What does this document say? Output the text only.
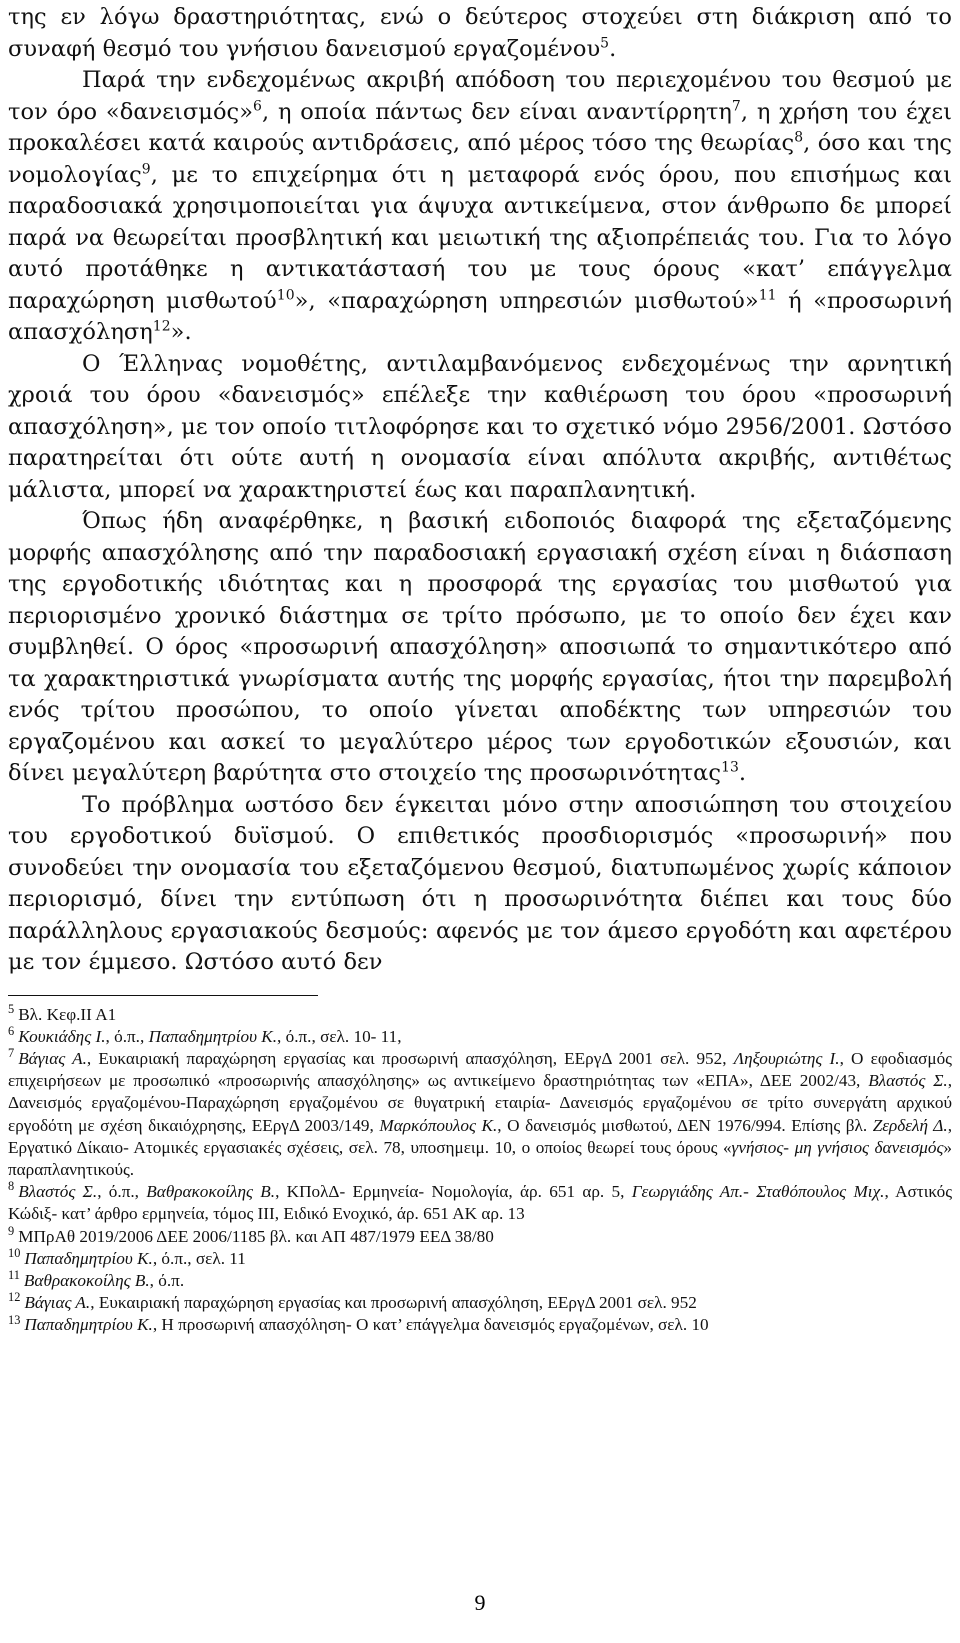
της εν λόγω δραστηριότητας, ενώ ο δεύτερος στοχεύει στη διάκριση από το συναφή θεσμό του γνήσιου δανεισμού εργαζομένου$^5$.

Παρά την ενδεχομένως ακριβή απόδοση του περιεχομένου του θεσμού με τον όρο «δανεισμός»$^6$, η οποία πάντως δεν είναι αναντίρρητη$^7$, η χρήση του έχει προκαλέσει κατά καιρούς αντιδράσεις, από μέρος τόσο της θεωρίας$^8$, όσο και της νομολογίας$^9$, με το επιχείρημα ότι η μεταφορά ενός όρου, που επισήμως και παραδοσιακά χρησιμοποιείται για άψυχα αντικείμενα, στον άνθρωπο δε μπορεί παρά να θεωρείται προσβλητική και μειωτική της αξιοπρέπειάς του. Για το λόγο αυτό προτάθηκε η αντικατάστασή του με τους όρους «κατ’ επάγγελμα παραχώρηση μισθωτού$^{10}$», «παραχώρηση υπηρεσιών μισθωτού»$^{11}$ ή «προσωρινή απασχόληση$^{12}$».

Ο Έλληνας νομοθέτης, αντιλαμβανόμενος ενδεχομένως την αρνητική χροιά του όρου «δανεισμός» επέλεξε την καθιέρωση του όρου «προσωρινή απασχόληση», με τον οποίο τιτλοφόρησε και το σχετικό νόμο 2956/2001. Ωστόσο παρατηρείται ότι ούτε αυτή η ονομασία είναι απόλυτα ακριβής, αντιθέτως μάλιστα, μπορεί να χαρακτηριστεί έως και παραπλανητική.

Όπως ήδη αναφέρθηκε, η βασική ειδοποιός διαφορά της εξεταζόμενης μορφής απασχόλησης από την παραδοσιακή εργασιακή σχέση είναι η διάσπαση της εργοδοτικής ιδιότητας και η προσφορά της εργασίας του μισθωτού για περιορισμένο χρονικό διάστημα σε τρίτο πρόσωπο, με το οποίο δεν έχει καν συμβληθεί. Ο όρος «προσωρινή απασχόληση» αποσιωπά το σημαντικότερο από τα χαρακτηριστικά γνωρίσματα αυτής της μορφής εργασίας, ήτοι την παρεμβολή ενός τρίτου προσώπου, το οποίο γίνεται αποδέκτης των υπηρεσιών του εργαζομένου και ασκεί το μεγαλύτερο μέρος των εργοδοτικών εξουσιών, και δίνει μεγαλύτερη βαρύτητα στο στοιχείο της προσωρινότητας$^{13}$.

Το πρόβλημα ωστόσο δεν έγκειται μόνο στην αποσιώπηση του στοιχείου του εργοδοτικού δυϊσμού. Ο επιθετικός προσδιορισμός «προσωρινή» που συνοδεύει την ονομασία του εξεταζόμενου θεσμού, διατυπωμένος χωρίς κάποιον περιορισμό, δίνει την εντύπωση ότι η προσωρινότητα διέπει και τους δύο παράλληλους εργασιακούς δεσμούς: αφενός με τον άμεσο εργοδότη και αφετέρου με τον έμμεσο. Ωστόσο αυτό δεν

$^5$ Βλ. Κεφ.ΙΙ Α1
$^6$ Κουκιάδης Ι., ό.π., Παπαδημητρίου Κ., ό.π., σελ. 10- 11,
$^7$ Βάγιας Α., Ευκαιριακή παραχώρηση εργασίας και προσωρινή απασχόληση, ΕΕργΔ 2001 σελ. 952, Ληξουριώτης Ι., Ο εφοδιασμός επιχειρήσεων με προσωπικό «προσωρινής απασχόλησης» ως αντικείμενο δραστηριότητας των «ΕΠΑ», ΔΕΕ 2002/43, Βλαστός Σ., Δανεισμός εργαζομένου-Παραχώρηση εργαζομένου σε θυγατρική εταιρία- Δανεισμός εργαζομένου σε τρίτο συνεργάτη αρχικού εργοδότη με σχέση δικαιόχρησης, ΕΕργΔ 2003/149, Μαρκόπουλος Κ., Ο δανεισμός μισθωτού, ΔΕΝ 1976/994. Επίσης βλ. Ζερδελή Δ., Εργατικό Δίκαιο- Ατομικές εργασιακές σχέσεις, σελ. 78, υποσημειμ. 10, ο οποίος θεωρεί τους όρους «γνήσιος- μη γνήσιος δανεισμός» παραπλανητικούς.
$^8$ Βλαστός Σ., ό.π., Βαθρακοκοίλης Β., ΚΠολΔ- Ερμηνεία- Νομολογία, άρ. 651 αρ. 5, Γεωργιάδης Απ.- Σταθόπουλος Μιχ., Αστικός Κώδιξ- κατ’ άρθρο ερμηνεία, τόμος ΙΙΙ, Ειδικό Ενοχικό, άρ. 651 ΑΚ αρ. 13
$^9$ ΜΠρΑθ 2019/2006 ΔΕΕ 2006/1185 βλ. και ΑΠ 487/1979 ΕΕΔ 38/80
$^{10}$ Παπαδημητρίου Κ., ό.π., σελ. 11
$^{11}$ Βαθρακοκοίλης Β., ό.π.
$^{12}$ Βάγιας Α., Ευκαιριακή παραχώρηση εργασίας και προσωρινή απασχόληση, ΕΕργΔ 2001 σελ. 952
$^{13}$ Παπαδημητρίου Κ., Η προσωρινή απασχόληση- Ο κατ’ επάγγελμα δανεισμός εργαζομένων, σελ. 10
9
